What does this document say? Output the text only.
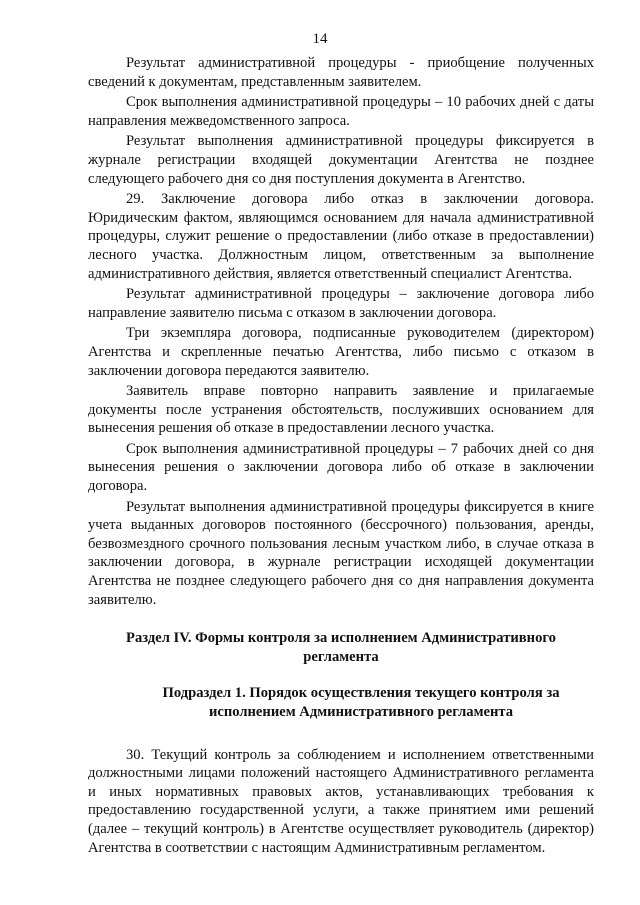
14

Результат административной процедуры - приобщение полученных сведений к документам, представленным заявителем.

Срок выполнения административной процедуры – 10 рабочих дней с даты направления межведомственного запроса.

Результат выполнения административной процедуры фиксируется в журнале регистрации входящей документации Агентства не позднее следующего рабочего дня со дня поступления документа в Агентство.

29. Заключение договора либо отказ в заключении договора. Юридическим фактом, являющимся основанием для начала административной процедуры, служит решение о предоставлении (либо отказе в предоставлении) лесного участка. Должностным лицом, ответственным за выполнение административного действия, является ответственный специалист Агентства.

Результат административной процедуры – заключение договора либо направление заявителю письма с отказом в заключении договора.

Три экземпляра договора, подписанные руководителем (директором) Агентства и скрепленные печатью Агентства, либо письмо с отказом в заключении договора передаются заявителю.

Заявитель вправе повторно направить заявление и прилагаемые документы после устранения обстоятельств, послуживших основанием для вынесения решения об отказе в предоставлении лесного участка.

Срок выполнения административной процедуры – 7 рабочих дней со дня вынесения решения о заключении договора либо об отказе в заключении договора.

Результат выполнения административной процедуры фиксируется в книге учета выданных договоров постоянного (бессрочного) пользования, аренды, безвозмездного срочного пользования лесным участком либо, в случае отказа в заключении договора, в журнале регистрации исходящей документации Агентства не позднее следующего рабочего дня со дня направления документа заявителю.

Раздел IV. Формы контроля за исполнением Административного регламента

Подраздел 1. Порядок осуществления текущего контроля за исполнением Административного регламента

30. Текущий контроль за соблюдением и исполнением ответственными должностными лицами положений настоящего Административного регламента и иных нормативных правовых актов, устанавливающих требования к предоставлению государственной услуги, а также принятием ими решений (далее – текущий контроль) в Агентстве осуществляет руководитель (директор) Агентства в соответствии с настоящим Административным регламентом.
